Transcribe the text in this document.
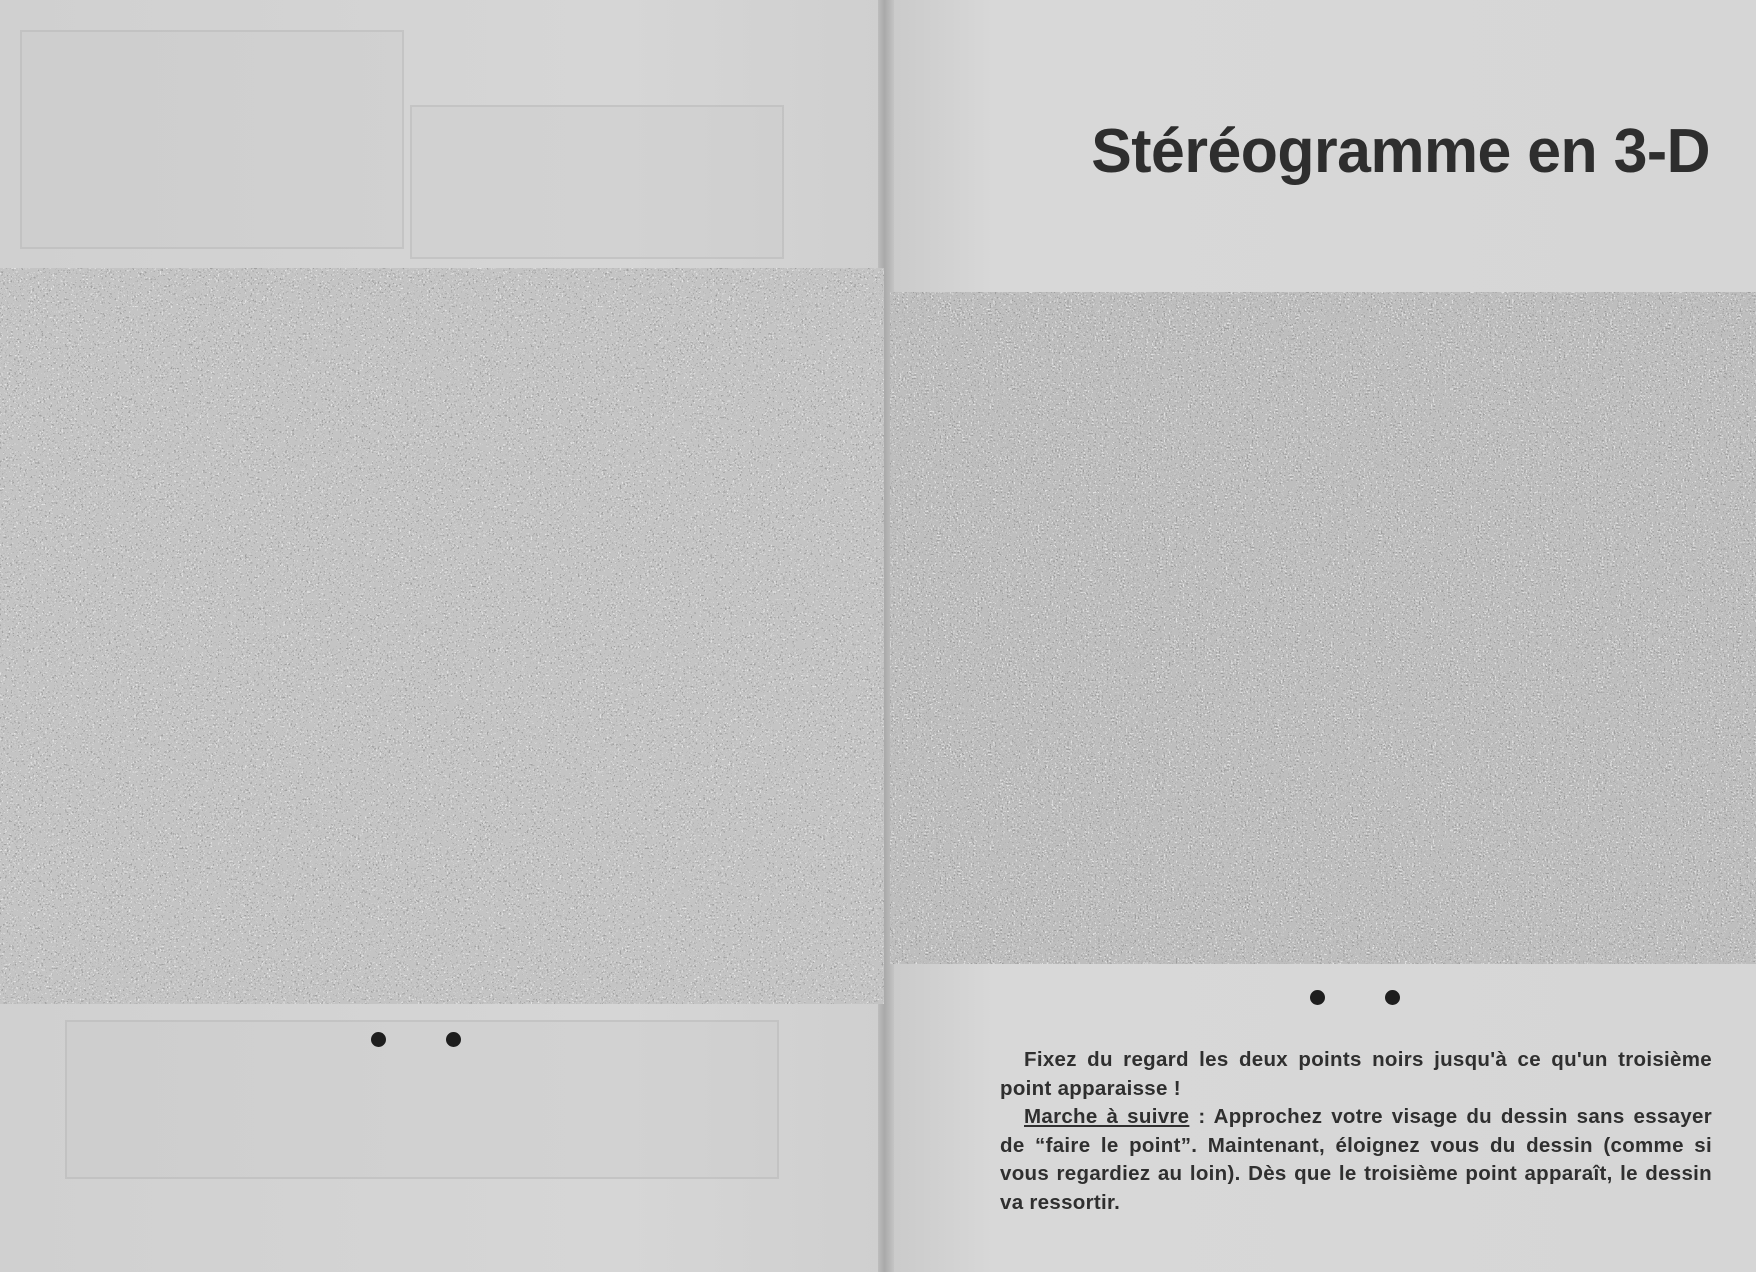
Stéréogramme en 3-D

Fixez du regard les deux points noirs jusqu'à ce qu'un troisième point apparaisse !

Marche à suivre : Approchez votre visage du dessin sans essayer de “faire le point”. Maintenant, éloignez vous du dessin (comme si vous regardiez au loin). Dès que le troisième point apparaît, le dessin va ressortir.
